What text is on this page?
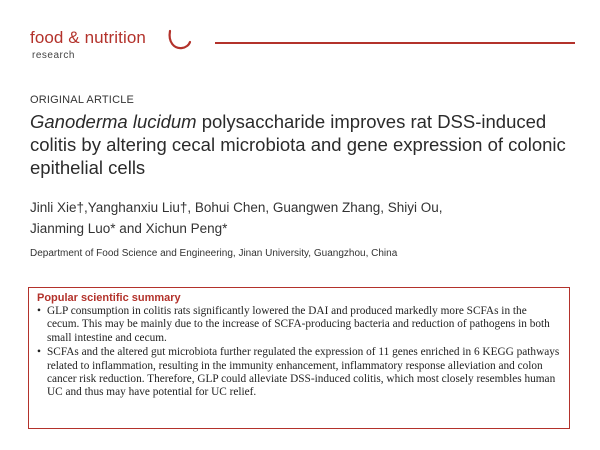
food & nutrition
research
ORIGINAL ARTICLE
Ganoderma lucidum polysaccharide improves rat DSS-induced colitis by altering cecal microbiota and gene expression of colonic epithelial cells
Jinli Xie†,Yanghanxiu Liu†, Bohui Chen, Guangwen Zhang, Shiyi Ou,
Jianming Luo* and Xichun Peng*
Department of Food Science and Engineering, Jinan University, Guangzhou, China
Popular scientific summary
• GLP consumption in colitis rats significantly lowered the DAI and produced markedly more SCFAs in the cecum. This may be mainly due to the increase of SCFA-producing bacteria and reduction of pathogens in both small intestine and cecum.
• SCFAs and the altered gut microbiota further regulated the expression of 11 genes enriched in 6 KEGG pathways related to inflammation, resulting in the immunity enhancement, inflammatory response alleviation and colon cancer risk reduction. Therefore, GLP could alleviate DSS-induced colitis, which most closely resembles human UC and thus may have potential for UC relief.
